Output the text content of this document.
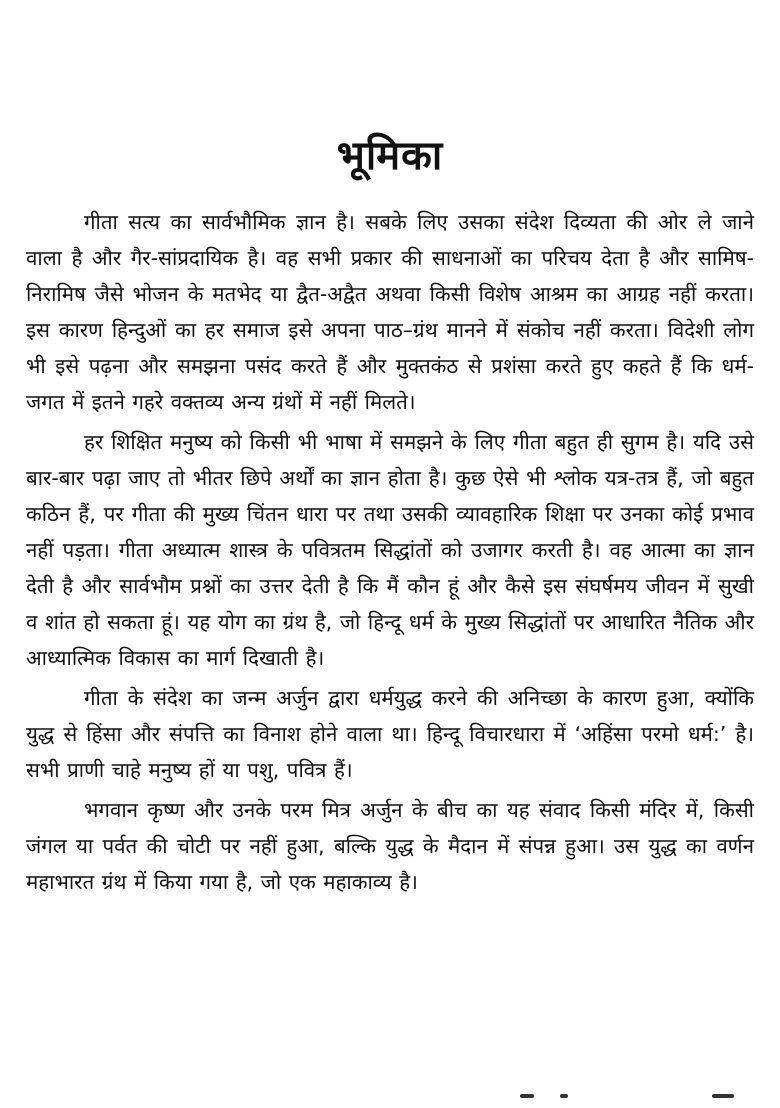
भूमिका

गीता सत्य का सार्वभौमिक ज्ञान है। सबके लिए उसका संदेश दिव्यता की ओर ले जाने वाला है और गैर-सांप्रदायिक है। वह सभी प्रकार की साधनाओं का परिचय देता है और सामिष-निरामिष जैसे भोजन के मतभेद या द्वैत-अद्वैत अथवा किसी विशेष आश्रम का आग्रह नहीं करता। इस कारण हिन्दुओं का हर समाज इसे अपना पाठ–ग्रंथ मानने में संकोच नहीं करता। विदेशी लोग भी इसे पढ़ना और समझना पसंद करते हैं और मुक्तकंठ से प्रशंसा करते हुए कहते हैं कि धर्म-जगत में इतने गहरे वक्तव्य अन्य ग्रंथों में नहीं मिलते।

हर शिक्षित मनुष्य को किसी भी भाषा में समझने के लिए गीता बहुत ही सुगम है। यदि उसे बार-बार पढ़ा जाए तो भीतर छिपे अर्थों का ज्ञान होता है। कुछ ऐसे भी श्लोक यत्र-तत्र हैं, जो बहुत कठिन हैं, पर गीता की मुख्य चिंतन धारा पर तथा उसकी व्यावहारिक शिक्षा पर उनका कोई प्रभाव नहीं पड़ता। गीता अध्यात्म शास्त्र के पवित्रतम सिद्धांतों को उजागर करती है। वह आत्मा का ज्ञान देती है और सार्वभौम प्रश्नों का उत्तर देती है कि मैं कौन हूं और कैसे इस संघर्षमय जीवन में सुखी व शांत हो सकता हूं। यह योग का ग्रंथ है, जो हिन्दू धर्म के मुख्य सिद्धांतों पर आधारित नैतिक और आध्यात्मिक विकास का मार्ग दिखाती है।

गीता के संदेश का जन्म अर्जुन द्वारा धर्मयुद्ध करने की अनिच्छा के कारण हुआ, क्योंकि युद्ध से हिंसा और संपत्ति का विनाश होने वाला था। हिन्दू विचारधारा में ‘अहिंसा परमो धर्म:’ है। सभी प्राणी चाहे मनुष्य हों या पशु, पवित्र हैं।

भगवान कृष्ण और उनके परम मित्र अर्जुन के बीच का यह संवाद किसी मंदिर में, किसी जंगल या पर्वत की चोटी पर नहीं हुआ, बल्कि युद्ध के मैदान में संपन्न हुआ। उस युद्ध का वर्णन महाभारत ग्रंथ में किया गया है, जो एक महाकाव्य है।
